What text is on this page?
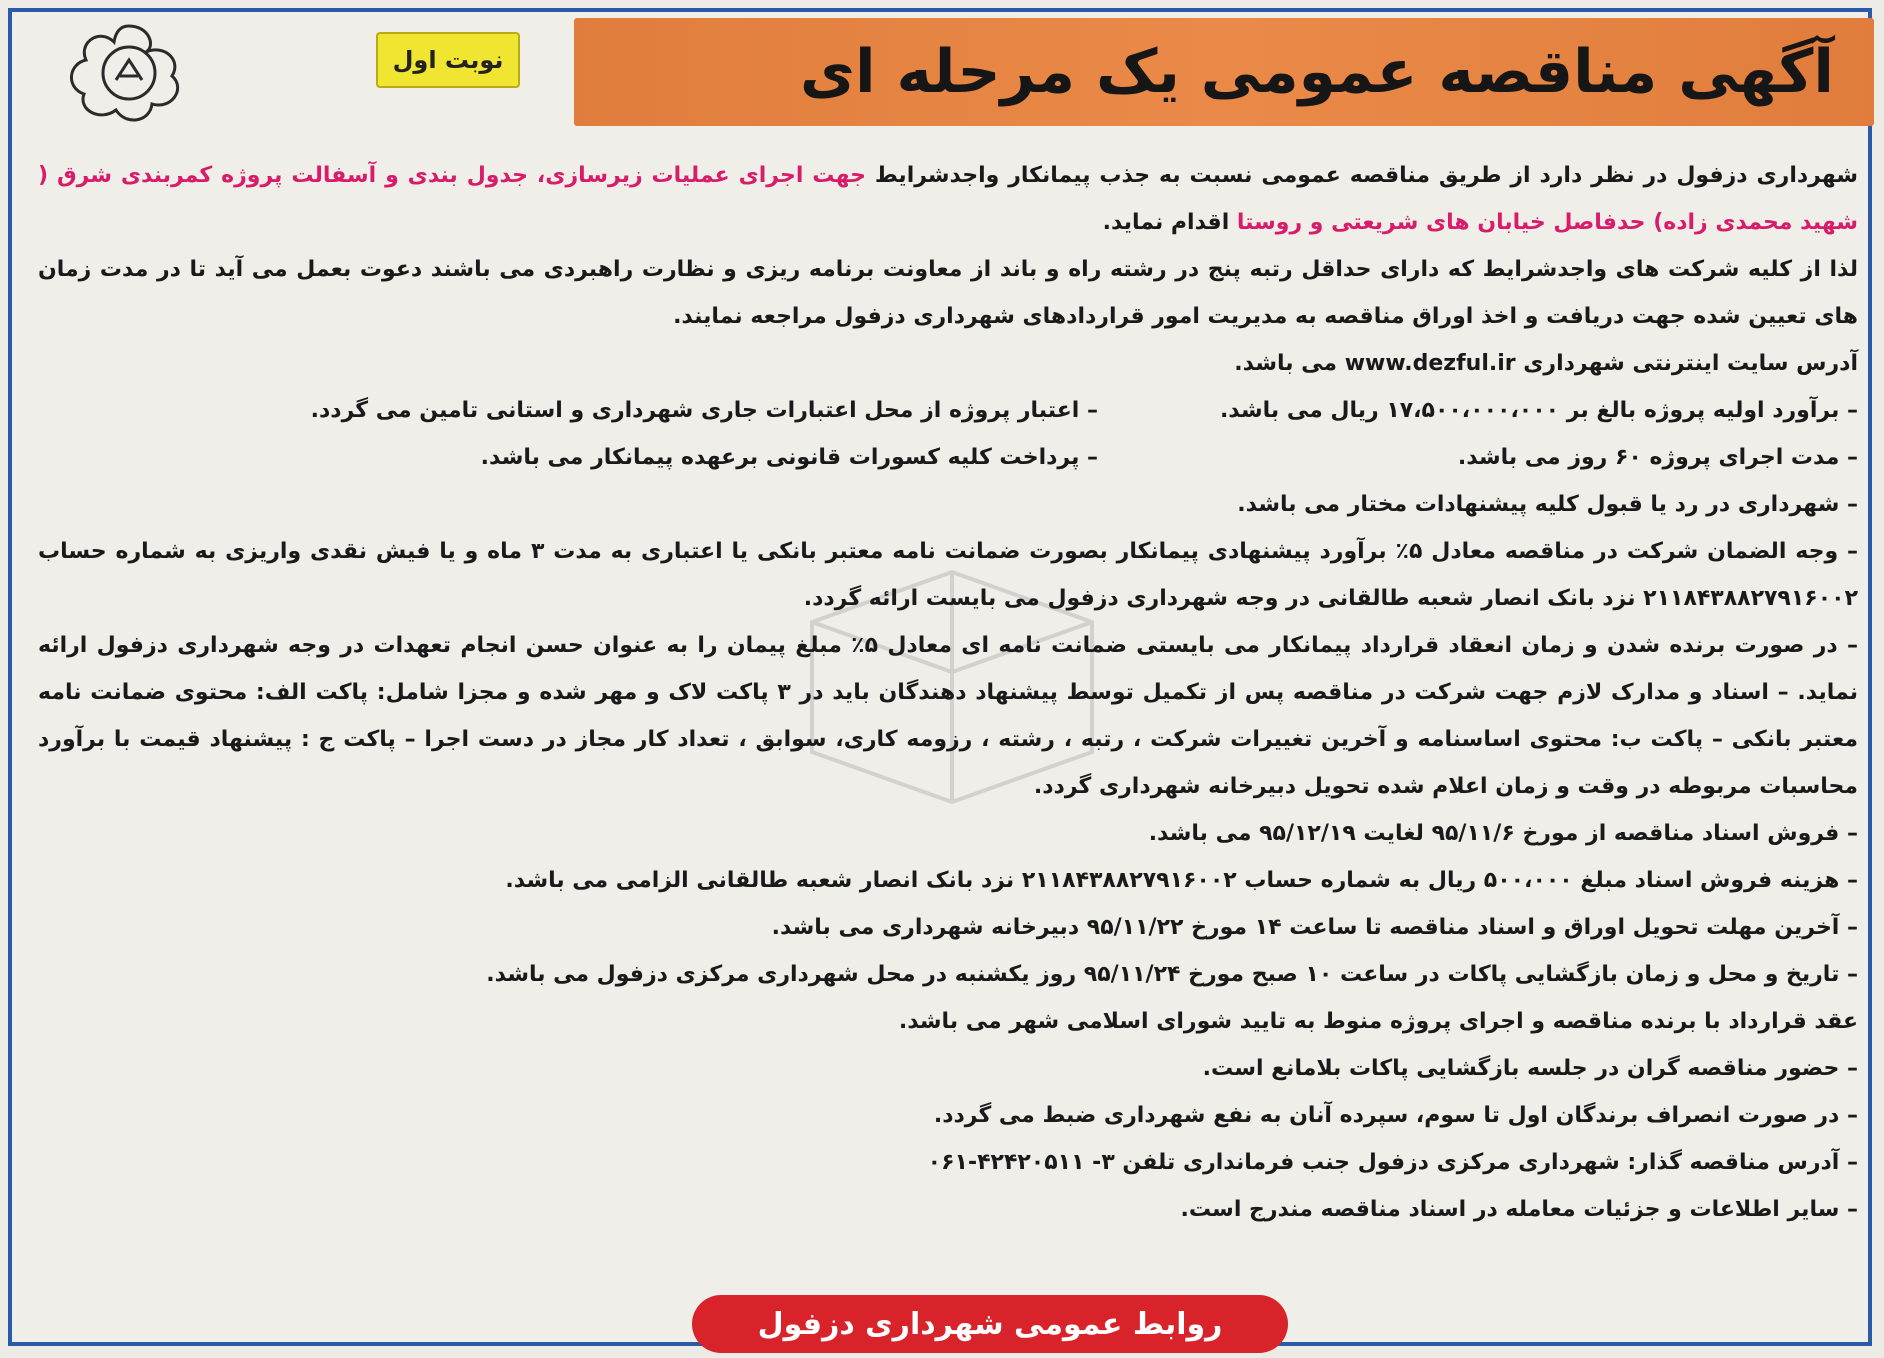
نوبت اول	آگهی مناقصه عمومی یک مرحله ای

شهرداری دزفول در نظر دارد از طریق مناقصه عمومی نسبت به جذب پیمانکار واجدشرایط جهت اجرای عملیات زیرسازی، جدول بندی و آسفالت پروژه کمربندی شرق ( شهید محمدی زاده) حدفاصل خیابان های شریعتی و روستا اقدام نماید.

لذا از کلیه شرکت های واجدشرایط که دارای حداقل رتبه پنج در رشته راه و باند از معاونت برنامه ریزی و نظارت راهبردی می باشند دعوت بعمل می آید تا در مدت زمان های تعیین شده جهت دریافت و اخذ اوراق مناقصه به مدیریت امور قراردادهای شهرداری دزفول مراجعه نمایند.

آدرس سایت اینترنتی شهرداری www.dezful.ir می باشد.

– برآورد اولیه پروژه بالغ بر ۱۷،۵۰۰،۰۰۰،۰۰۰ ریال می باشد.
– اعتبار پروژه از محل اعتبارات جاری شهرداری و استانی تامین می گردد.
– مدت اجرای پروژه ۶۰ روز می باشد.
– پرداخت کلیه کسورات قانونی برعهده پیمانکار می باشد.

– شهرداری در رد یا قبول کلیه پیشنهادات مختار می باشد.

– وجه الضمان شرکت در مناقصه معادل ۵٪ برآورد پیشنهادی پیمانکار بصورت ضمانت نامه معتبر بانکی یا اعتباری به مدت ۳ ماه و یا فیش نقدی واریزی به شماره حساب ۲۱۱۸۴۳۸۸۲۷۹۱۶۰۰۲ نزد بانک انصار شعبه طالقانی در وجه شهرداری دزفول می بایست ارائه گردد.

– در صورت برنده شدن و زمان انعقاد قرارداد پیمانکار می بایستی ضمانت نامه ای معادل ۵٪ مبلغ پیمان را به عنوان حسن انجام تعهدات در وجه شهرداری دزفول ارائه نماید. – اسناد و مدارک لازم جهت شرکت در مناقصه پس از تکمیل توسط پیشنهاد دهندگان باید در ۳ پاکت لاک و مهر شده و مجزا شامل: پاکت الف: محتوی ضمانت نامه معتبر بانکی – پاکت ب: محتوی اساسنامه و آخرین تغییرات شرکت ، رتبه ، رشته ، رزومه کاری، سوابق ، تعداد کار مجاز در دست اجرا – پاکت ج : پیشنهاد قیمت با برآورد محاسبات مربوطه در وقت و زمان اعلام شده تحویل دبیرخانه شهرداری گردد.

– فروش اسناد مناقصه از مورخ ۹۵/۱۱/۶ لغایت ۹۵/۱۲/۱۹ می باشد.

– هزینه فروش اسناد مبلغ ۵۰۰،۰۰۰ ریال به شماره حساب ۲۱۱۸۴۳۸۸۲۷۹۱۶۰۰۲ نزد بانک انصار شعبه طالقانی الزامی می باشد.

– آخرین مهلت تحویل اوراق و اسناد مناقصه تا ساعت ۱۴ مورخ ۹۵/۱۱/۲۲ دبیرخانه شهرداری می باشد.

– تاریخ و محل و زمان بازگشایی پاکات در ساعت ۱۰ صبح مورخ ۹۵/۱۱/۲۴ روز یکشنبه در محل شهرداری مرکزی دزفول می باشد.

عقد قرارداد با برنده مناقصه و اجرای پروژه منوط به تایید شورای اسلامی شهر می باشد.

– حضور مناقصه گران در جلسه بازگشایی پاکات بلامانع است.

– در صورت انصراف برندگان اول تا سوم، سپرده آنان به نفع شهرداری ضبط می گردد.

– آدرس مناقصه گذار: شهرداری مرکزی دزفول جنب فرمانداری تلفن ۳- ۴۲۴۲۰۵۱۱-۰۶۱

– سایر اطلاعات و جزئیات معامله در اسناد مناقصه مندرج است.

روابط عمومی شهرداری دزفول
